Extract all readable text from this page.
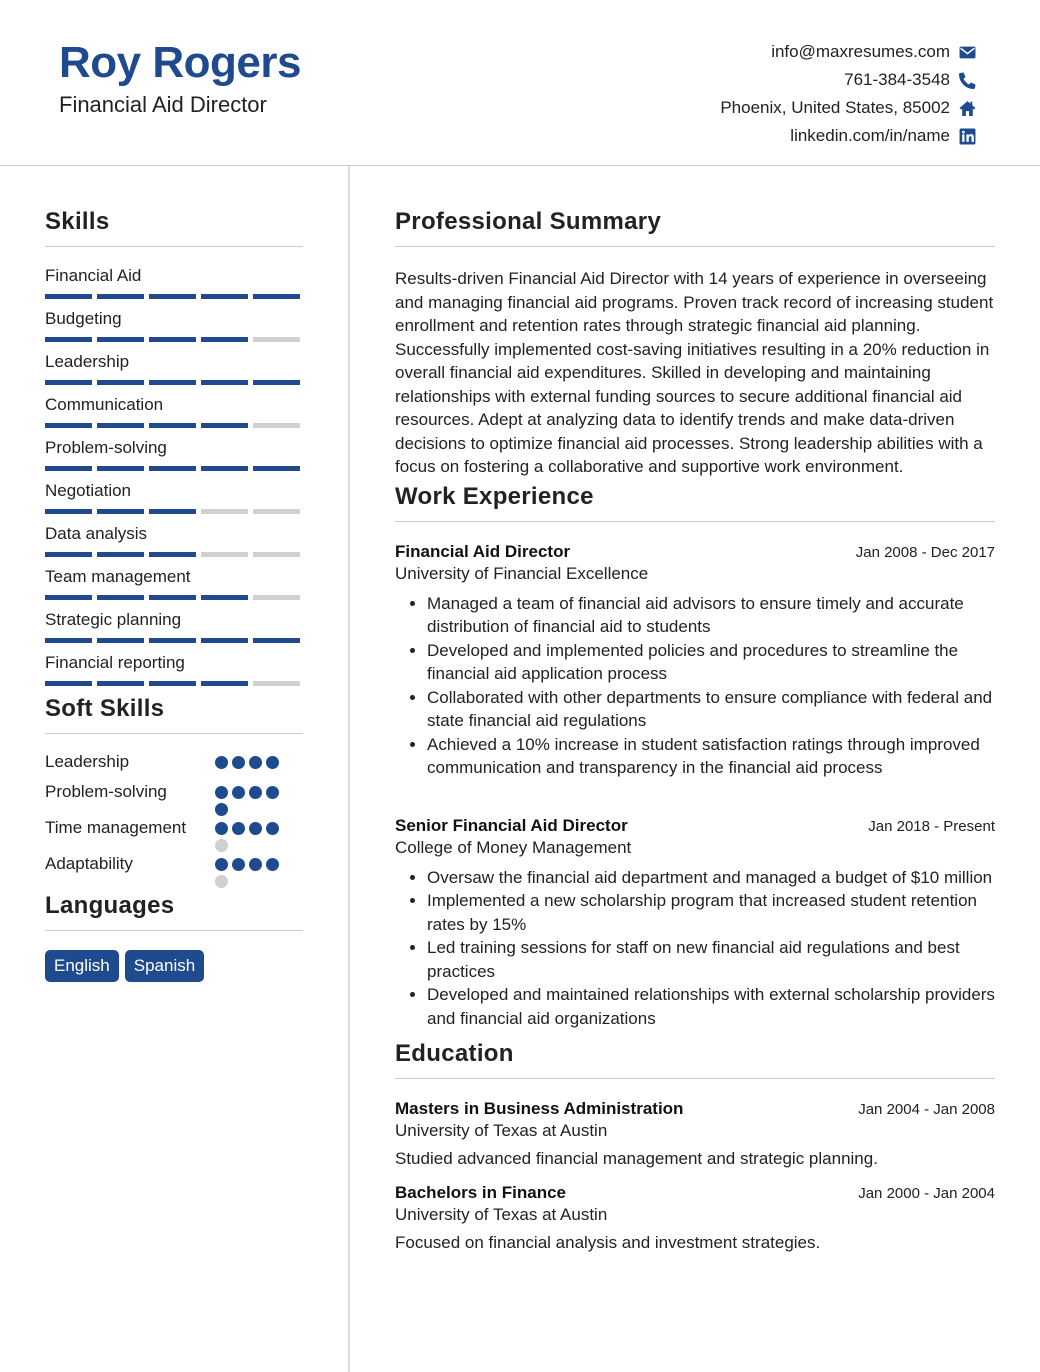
Roy Rogers
Financial Aid Director
info@maxresumes.com
761-384-3548
Phoenix, United States, 85002
linkedin.com/in/name
Skills
Financial Aid
Budgeting
Leadership
Communication
Problem-solving
Negotiation
Data analysis
Team management
Strategic planning
Financial reporting
Soft Skills
Leadership
Problem-solving
Time management
Adaptability
Languages
English	Spanish
Professional Summary

Results-driven Financial Aid Director with 14 years of experience in overseeing and managing financial aid programs. Proven track record of increasing student enrollment and retention rates through strategic financial aid planning. Successfully implemented cost-saving initiatives resulting in a 20% reduction in overall financial aid expenditures. Skilled in developing and maintaining relationships with external funding sources to secure additional financial aid resources. Adept at analyzing data to identify trends and make data-driven decisions to optimize financial aid processes. Strong leadership abilities with a focus on fostering a collaborative and supportive work environment.

Work Experience
Financial Aid Director	Jan 2008 - Dec 2017
University of Financial Excellence
• Managed a team of financial aid advisors to ensure timely and accurate distribution of financial aid to students
• Developed and implemented policies and procedures to streamline the financial aid application process
• Collaborated with other departments to ensure compliance with federal and state financial aid regulations
• Achieved a 10% increase in student satisfaction ratings through improved communication and transparency in the financial aid process
Senior Financial Aid Director	Jan 2018 - Present
College of Money Management
• Oversaw the financial aid department and managed a budget of $10 million
• Implemented a new scholarship program that increased student retention rates by 15%
• Led training sessions for staff on new financial aid regulations and best practices
• Developed and maintained relationships with external scholarship providers and financial aid organizations
Education
Masters in Business Administration	Jan 2004 - Jan 2008
University of Texas at Austin
Studied advanced financial management and strategic planning.
Bachelors in Finance	Jan 2000 - Jan 2004
University of Texas at Austin
Focused on financial analysis and investment strategies.
